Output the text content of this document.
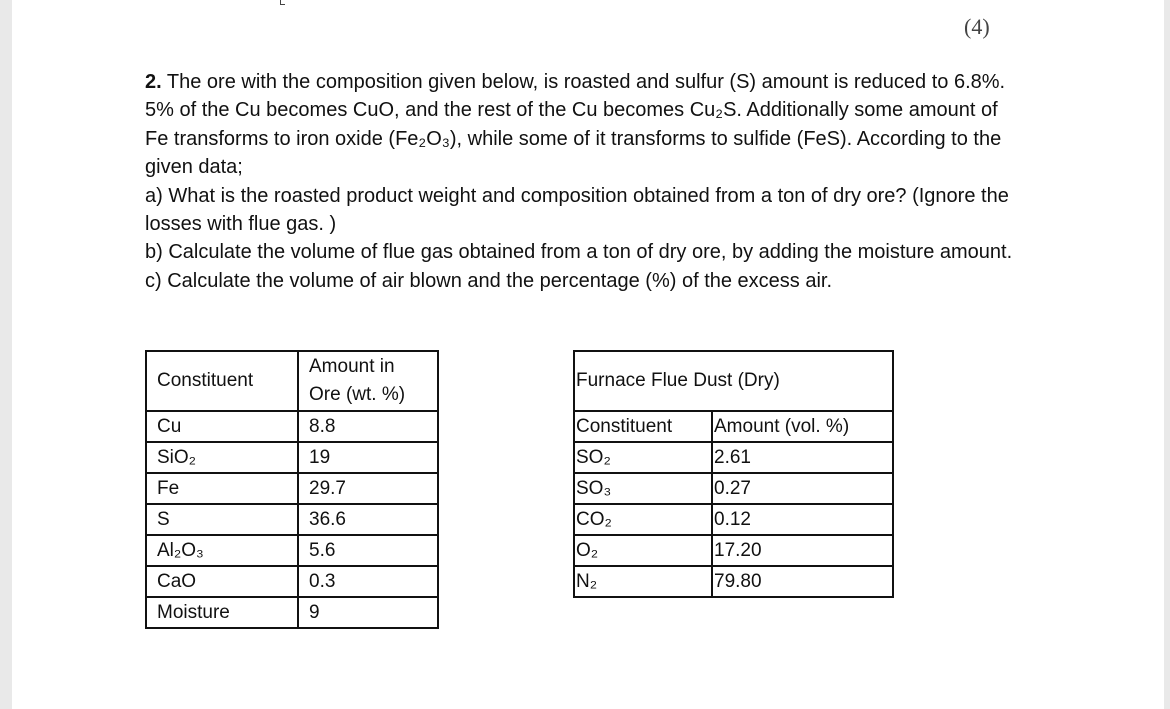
(4)

2. The ore with the composition given below, is roasted and sulfur (S) amount is reduced to 6.8%. 5% of the Cu becomes CuO, and the rest of the Cu becomes Cu₂S. Additionally some amount of Fe transforms to iron oxide (Fe₂O₃), while some of it transforms to sulfide (FeS). According to the given data;

a) What is the roasted product weight and composition obtained from a ton of dry ore? (Ignore the losses with flue gas. )

b) Calculate the volume of flue gas obtained from a ton of dry ore, by adding the moisture amount.

c) Calculate the volume of air blown and the percentage (%) of the excess air.

Constituent	Amount in
Ore (wt. %)
Cu	8.8
SiO₂	19
Fe	29.7
S	36.6
Al₂O₃	5.6
CaO	0.3
Moisture	9
Furnace Flue Dust (Dry)	
Constituent	Amount (vol. %)
SO₂	2.61
SO₃	0.27
CO₂	0.12
O₂	17.20
N₂	79.80
